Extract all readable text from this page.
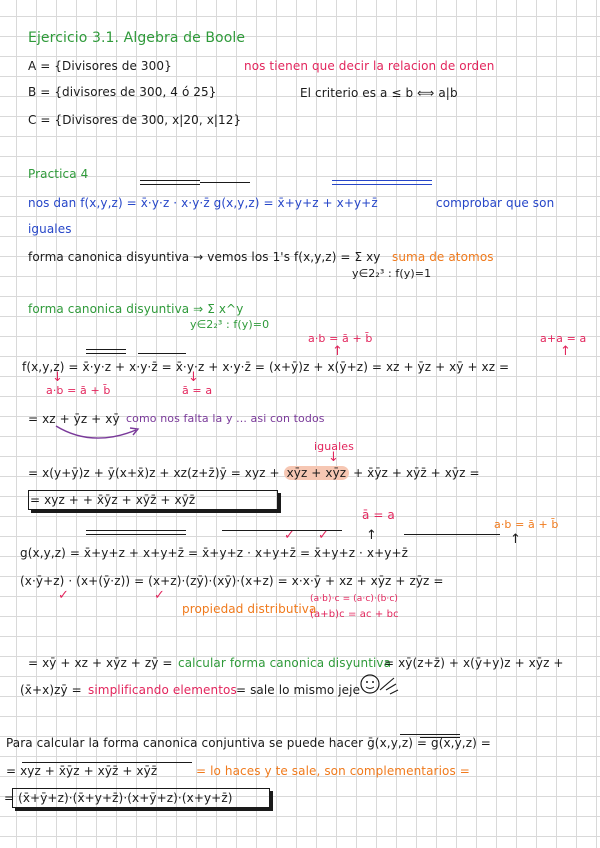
Ejercicio 3.1. Algebra de Boole
A = {Divisores de 300}	nos tienen que decir la relacion de orden
B = {divisores de 300, 4 ó 25}	El criterio es a ≤ b ⟺ a|b
C = {Divisores de 300, x|20, x|12}
Practica 4
nos dan f(x,y,z) = x̄·y·z · x·y·z̄ g(x,y,z) = x̄+y+z + x+y+z̄	comprobar que son
iguales
forma canonica disyuntiva → vemos los 1's f(x,y,z) = Σ xy suma de atomos
y∈2₂³ : f(y)=1
forma canonica disyuntiva ⇒ Σ x^y
y∈2₂³ : f(y)=0
a·b = ā + b̄
↑
a+a = a
↑
f(x,y,z) = x̄·y·z + x·y·z̄ = x̄·y·z + x·y·z̄ = (x+ȳ)z + x(ȳ+z) = xz + ȳz + xȳ + xz =
↓
a·b = ā + b̄
↓
ā = a
= xz + ȳz + xȳ como nos falta la y ... asi con todos
iguales
↓
= x(y+ȳ)z + ȳ(x+x̄)z + xz(z+z̄)ȳ = xyz + xȳz + xȳz + x̄ȳz + xȳz̄ + xȳz =
= xyz + + x̄ȳz + xȳz̄ + xȳz̄
ā = a
a·b = ā + b̄
✓ ✓	↑	↑
g(x,y,z) = x̄+y+z + x+y+z̄ = x̄+y+z · x+y+z̄ = x̄+y+z · x+y+z̄
(x·ȳ+z) · (x+(ȳ·z)) = (x+z)·(zȳ)·(xȳ)·(x+z) = x·x·ȳ + xz + xȳz + zȳz =
✓	✓
propiedad distributiva
(a·b)·c = (a·c)·(b·c)
(a+b)c = ac + bc
= xȳ + xz + xȳz + zȳ = calcular forma canonica disyuntiva
= xȳ(z+z̄) + x(ȳ+y)z + xȳz +
(x̄+x)zȳ = simplificando elementos = sale lo mismo jeje
Para calcular la forma canonica conjuntiva se puede hacer ḡ(x,y,z) = g(x,y,z) =
= xyz + x̄ȳz + xȳz̄ + xȳz̄	= lo haces y te sale, son complementarios =
= (x̄+ȳ+z)·(x̄+y+z̄)·(x+ȳ+z)·(x+y+z̄)
